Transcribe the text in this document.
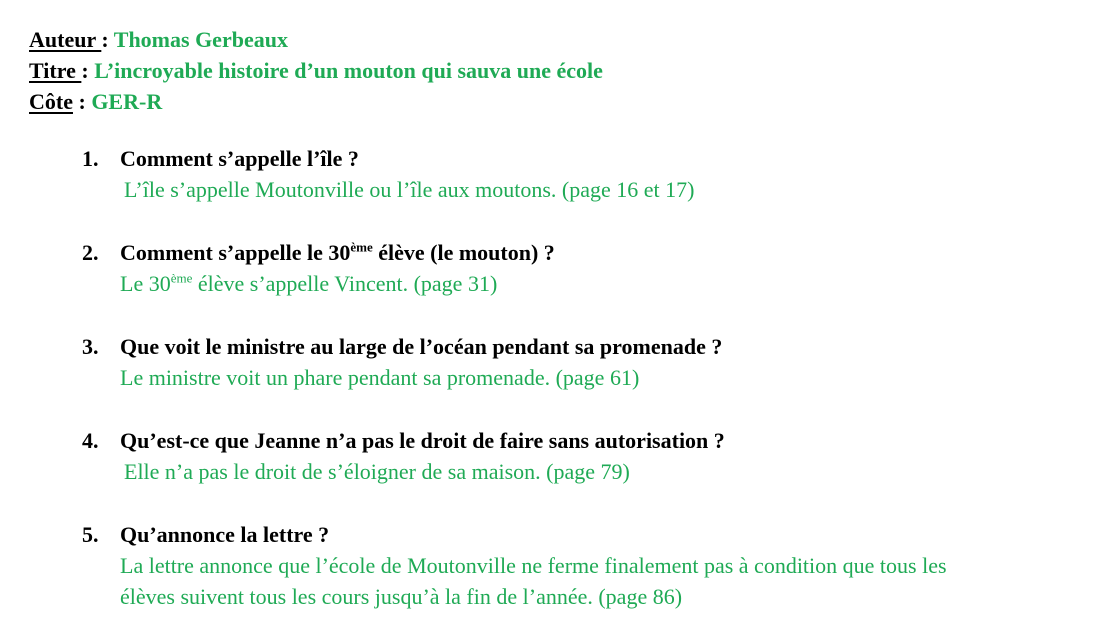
Auteur : Thomas Gerbeaux
Titre : L’incroyable histoire d’un mouton qui sauva une école
Côte : GER-R
1. Comment s’appelle l’île ?
L’île s’appelle Moutonville ou l’île aux moutons. (page 16 et 17)
2. Comment s’appelle le 30ème élève (le mouton) ?
Le 30ème élève s’appelle Vincent. (page 31)
3. Que voit le ministre au large de l’océan pendant sa promenade ?
Le ministre voit un phare pendant sa promenade. (page 61)
4. Qu’est-ce que Jeanne n’a pas le droit de faire sans autorisation ?
Elle n’a pas le droit de s’éloigner de sa maison. (page 79)
5. Qu’annonce la lettre ?
La lettre annonce que l’école de Moutonville ne ferme finalement pas à condition que tous les
élèves suivent tous les cours jusqu’à la fin de l’année. (page 86)
